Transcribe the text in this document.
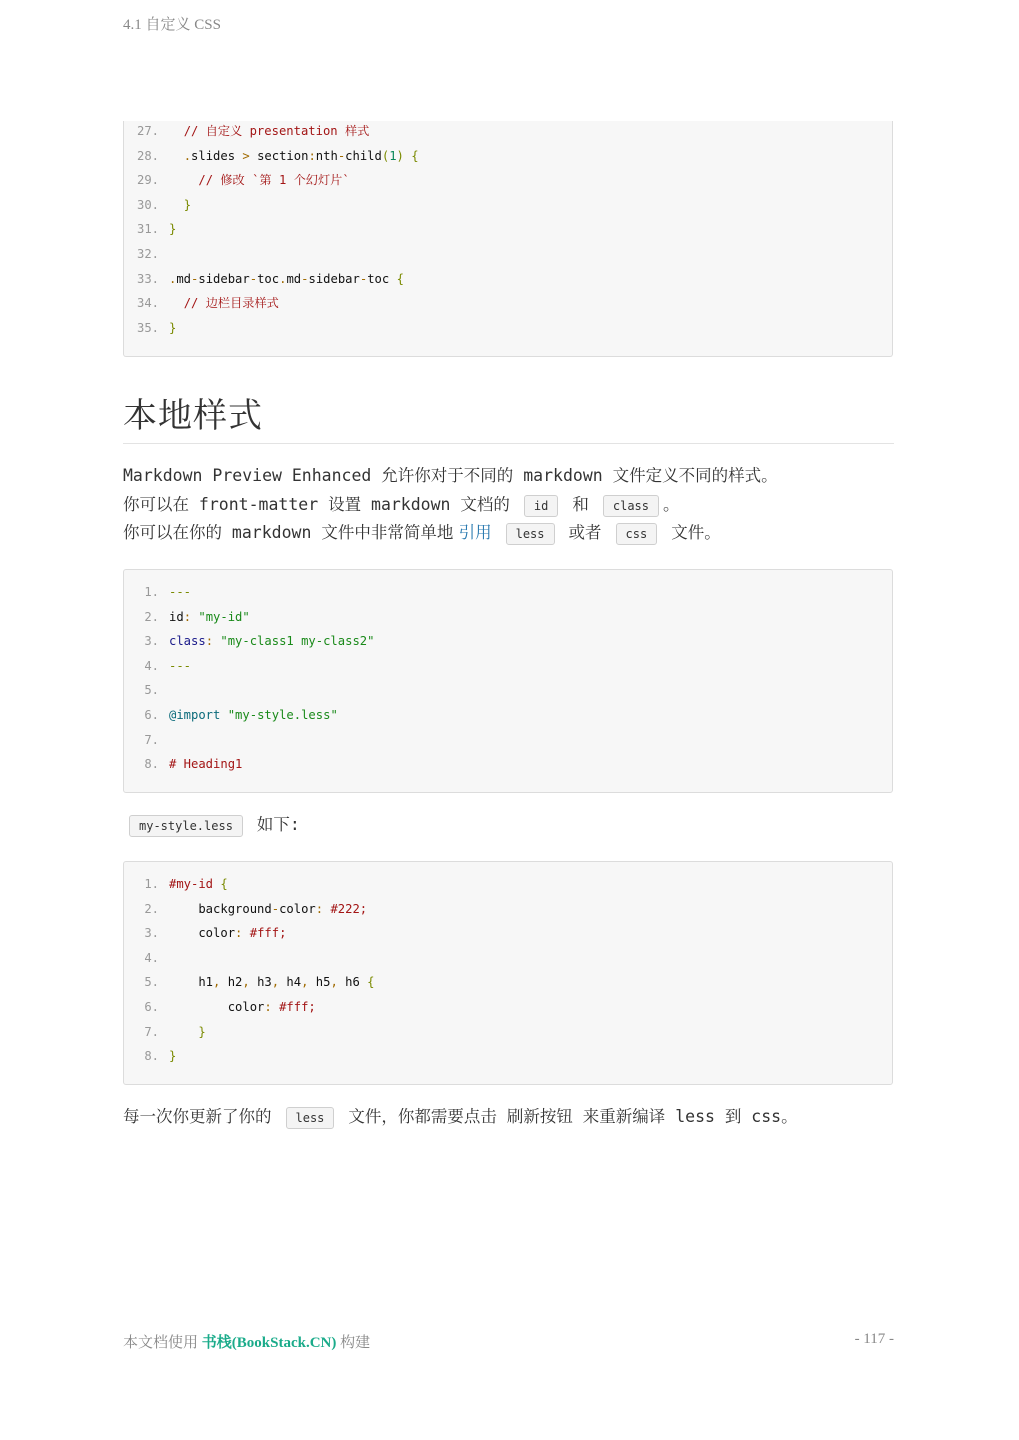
4.1 自定义 CSS
27. // 自定义 presentation 样式
28. .slides > section:nth-child(1) {
29.	// 修改 `第 1 个幻灯片`
30. }
31. }
32.
33. .md-sidebar-toc.md-sidebar-toc {
34. // 边栏目录样式
35. }
本地样式
Markdown Preview Enhanced 允许你对于不同的 markdown 文件定义不同的样式。
你可以在 front-matter 设置 markdown 文档的 id 和 class 。
你可以在你的 markdown 文件中非常简单地 引用 less 或者 css 文件。
1. ---
2. id: "my-id"
3. class: "my-class1 my-class2"
4. ---
5.
6. @import "my-style.less"
7.
8. # Heading1
my-style.less 如下:
1. #my-id {
2.    background-color: #222;
3.    color: #fff;
4.
5.    h1, h2, h3, h4, h5, h6 {
6.        color: #fff;
7.	}
8. }
每一次你更新了你的 less 文件，你都需要点击 刷新按钮 来重新编译 less 到 css。
本文档使用 书栈(BookStack.CN) 构建	- 117 -
